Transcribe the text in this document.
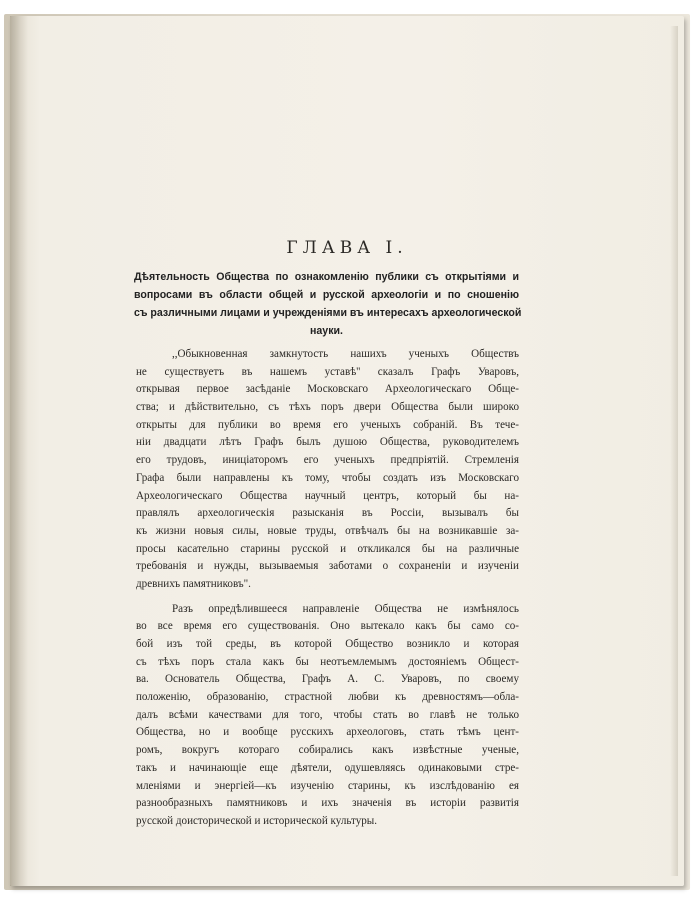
ГЛАВА I.
Дѣятельность Общества по ознакомленію публики съ открытіями и
вопросами въ области общей и русской археологіи и по сношенію
съ различными лицами и учрежденіями въ интересахъ археологической
науки.
,,Обыкновенная замкнутость нашихъ ученыхъ Обществъ
не существуетъ въ нашемъ уставѣ'' сказалъ Графъ Уваровъ,
открывая первое засѣданіе Московскаго Археологическаго Обще-
ства; и дѣйствительно, съ тѣхъ поръ двери Общества были широко
открыты для публики во время его ученыхъ собраній. Въ тече-
ніи двадцати лѣтъ Графъ былъ душою Общества, руководителемъ
его трудовъ, иниціаторомъ его ученыхъ предпріятій. Стремленія
Графа были направлены къ тому, чтобы создать изъ Московскаго
Археологическаго Общества научный центръ, который бы на-
правлялъ археологическія разысканія въ Россіи, вызывалъ бы
къ жизни новыя силы, новые труды, отвѣчалъ бы на возникавшіе за-
просы касательно старины русской и откликался бы на различные
требованія и нужды, вызываемыя заботами о сохраненіи и изученіи
древнихъ памятниковъ".
Разъ опредѣлившееся направленіе Общества не измѣнялось
во все время его существованія. Оно вытекало какъ бы само со-
бой изъ той среды, въ которой Общество возникло и которая
съ тѣхъ поръ стала какъ бы неотъемлемымъ достояніемъ Общест-
ва. Основатель Общества, Графъ А. С. Уваровъ, по своему
положенію, образованію, страстной любви къ древностямъ—обла-
далъ всѣми качествами для того, чтобы стать во главѣ не только
Общества, но и вообще русскихъ археологовъ, стать тѣмъ цент-
ромъ, вокругъ котораго собирались какъ извѣстные ученые,
такъ и начинающіе еще дѣятели, одушевляясь одинаковыми стре-
мленіями и энергіей—къ изученію старины, къ изслѣдованію ея
разнообразныхъ памятниковъ и ихъ значенія въ исторіи развитія
русской доисторической и исторической культуры.
